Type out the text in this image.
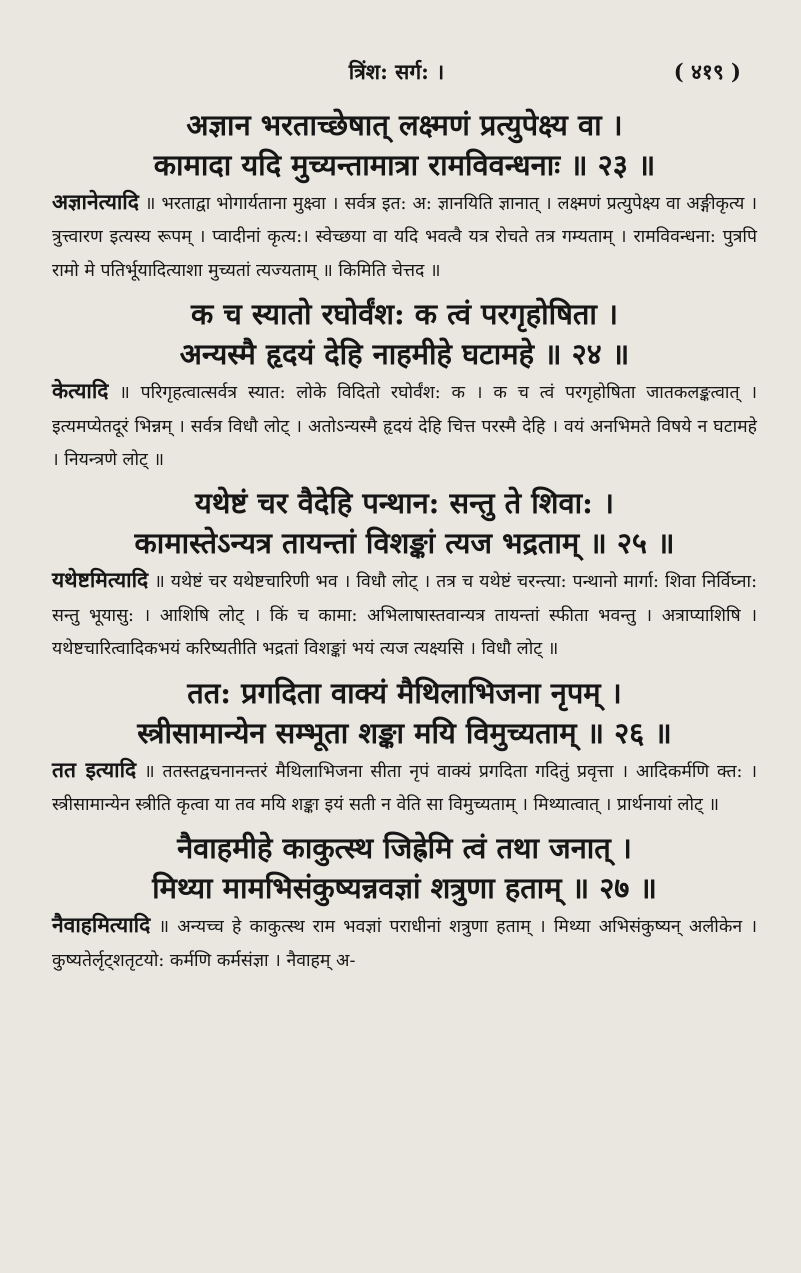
त्रिंश: सर्ग: ।	( ४१९ )

अज्ञान भरताच्छेषात् लक्ष्मणं प्रत्युपेक्ष्य वा ।

कामादा यदि मुच्यन्तामात्रा रामविवन्धनाः ॥ २३ ॥

अज्ञानेत्यादि ॥ भरताद्वा भोगार्यताना मुक्ष्वा । सर्वत्र इत: अ: ज्ञानयिति ज्ञानात् । लक्ष्मणं प्रत्युपेक्ष्य वा अङ्गीकृत्य । त्रुत्त्वारण इत्यस्य रूपम् । प्वादीनां कृत्य:। स्वेच्छया वा यदि भवत्वै यत्र रोचते तत्र गम्यताम् । रामविवन्धना: पुत्रपि रामो मे पतिर्भूयादित्याशा मुच्यतां त्यज्यताम् ॥ किमिति चेत्तद ॥

क च स्यातो रघोर्वंश: क त्वं परगृहोषिता ।

अन्यस्मै हृदयं देहि नाहमीहे घटामहे ॥ २४ ॥

केत्यादि ॥ परिगृहत्वात्सर्वत्र स्यात: लोके विदितो रघोर्वंश: क । क च त्वं परगृहोषिता जातकलङ्कत्वात् । इत्यमप्येतदूरं भिन्नम् । सर्वत्र विधौ लोट् । अतोऽन्यस्मै हृदयं देहि चित्त परस्मै देहि । वयं अनभिमते विषये न घटामहे । नियन्त्रणे लोट् ॥

यथेष्टं चर वैदेहि पन्थान: सन्तु ते शिवा: ।

कामास्तेऽन्यत्र तायन्तां विशङ्कां त्यज भद्रताम् ॥ २५ ॥

यथेष्टमित्यादि ॥ यथेष्टं चर यथेष्टचारिणी भव । विधौ लोट् । तत्र च यथेष्टं चरन्त्या: पन्थानो मार्गा: शिवा निर्विघ्ना: सन्तु भूयासु: । आशिषि लोट् । किं च कामा: अभिलाषास्तवान्यत्र तायन्तां स्फीता भवन्तु । अत्राप्याशिषि । यथेष्टचारित्वादिकभयं करिष्यतीति भद्रतां विशङ्कां भयं त्यज त्यक्ष्यसि । विधौ लोट् ॥

तत: प्रगदिता वाक्यं मैथिलाभिजना नृपम् ।

स्त्रीसामान्येन सम्भूता शङ्का मयि विमुच्यताम् ॥ २६ ॥

तत इत्यादि ॥ ततस्तद्वचनानन्तरं मैथिलाभिजना सीता नृपं वाक्यं प्रगदिता गदितुं प्रवृत्ता । आदिकर्मणि क्त: । स्त्रीसामान्येन स्त्रीति कृत्वा या तव मयि शङ्का इयं सती न वेति सा विमुच्यताम् । मिथ्यात्वात् । प्रार्थनायां लोट् ॥

नैवाहमीहे काकुत्स्थ जिह्रेमि त्वं तथा जनात् ।

मिथ्या मामभिसंकुष्यन्नवज्ञां शत्रुणा हताम् ॥ २७ ॥

नैवाहमित्यादि ॥ अन्यच्च हे काकुत्स्थ राम भवज्ञां पराधीनां शत्रुणा हताम् । मिथ्या अभिसंकुष्यन् अलीकेन । कुष्यतेर्लृट्शतृटयो: कर्मणि कर्मसंज्ञा । नैवाहम् अ-
